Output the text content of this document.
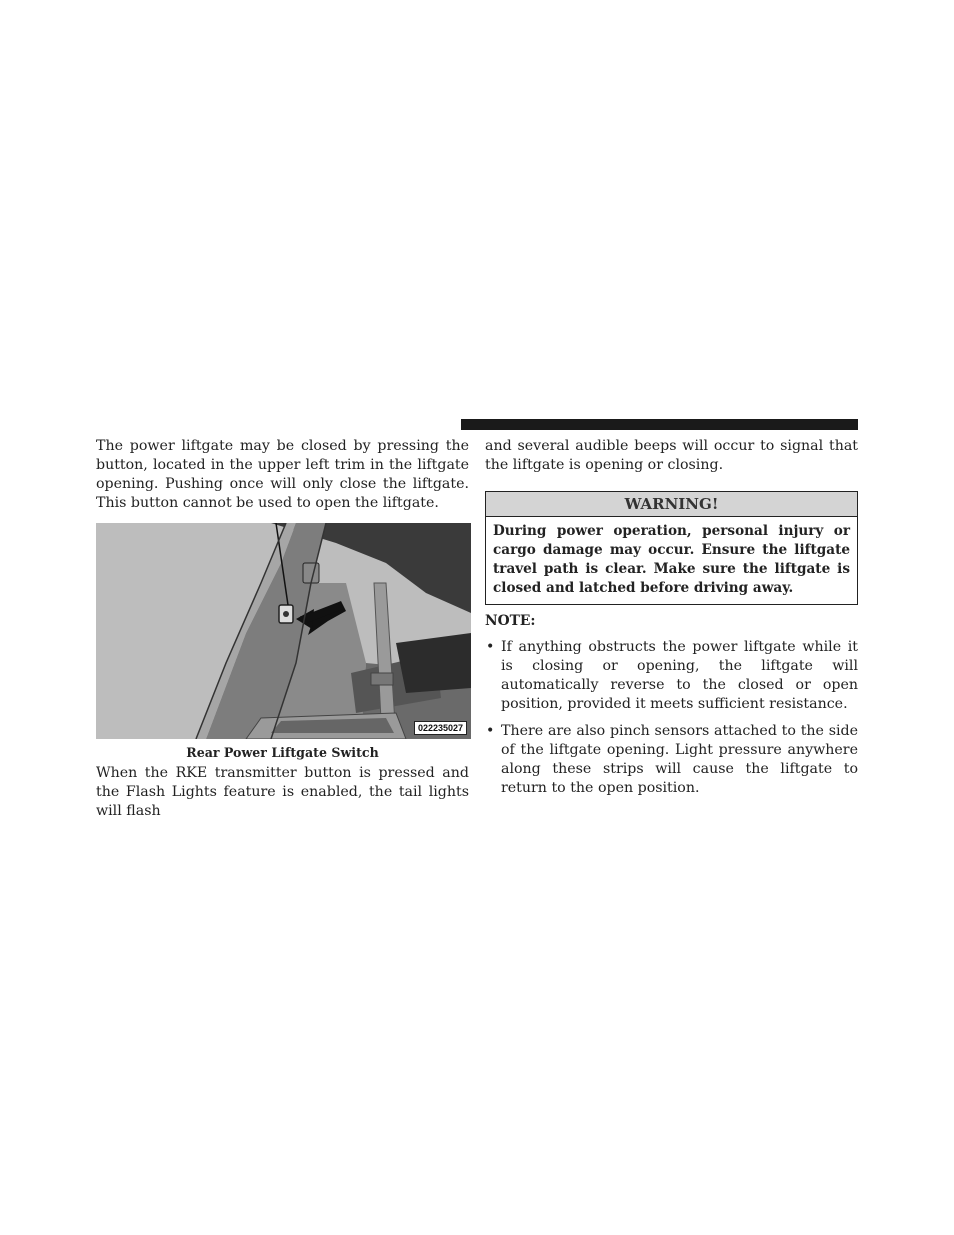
The power liftgate may be closed by pressing the button, located in the upper left trim in the liftgate opening. Pushing once will only close the liftgate. This button cannot be used to open the liftgate.

022235027
Rear Power Liftgate Switch

When the RKE transmitter button is pressed and the Flash Lights feature is enabled, the tail lights will flash

and several audible beeps will occur to signal that the liftgate is opening or closing.

WARNING!
During power operation, personal injury or cargo damage may occur. Ensure the liftgate travel path is clear. Make sure the liftgate is closed and latched before driving away.
NOTE:
• If anything obstructs the power liftgate while it is closing or opening, the liftgate will automatically reverse to the closed or open position, provided it meets sufficient resistance.
• There are also pinch sensors attached to the side of the liftgate opening. Light pressure anywhere along these strips will cause the liftgate to return to the open position.
